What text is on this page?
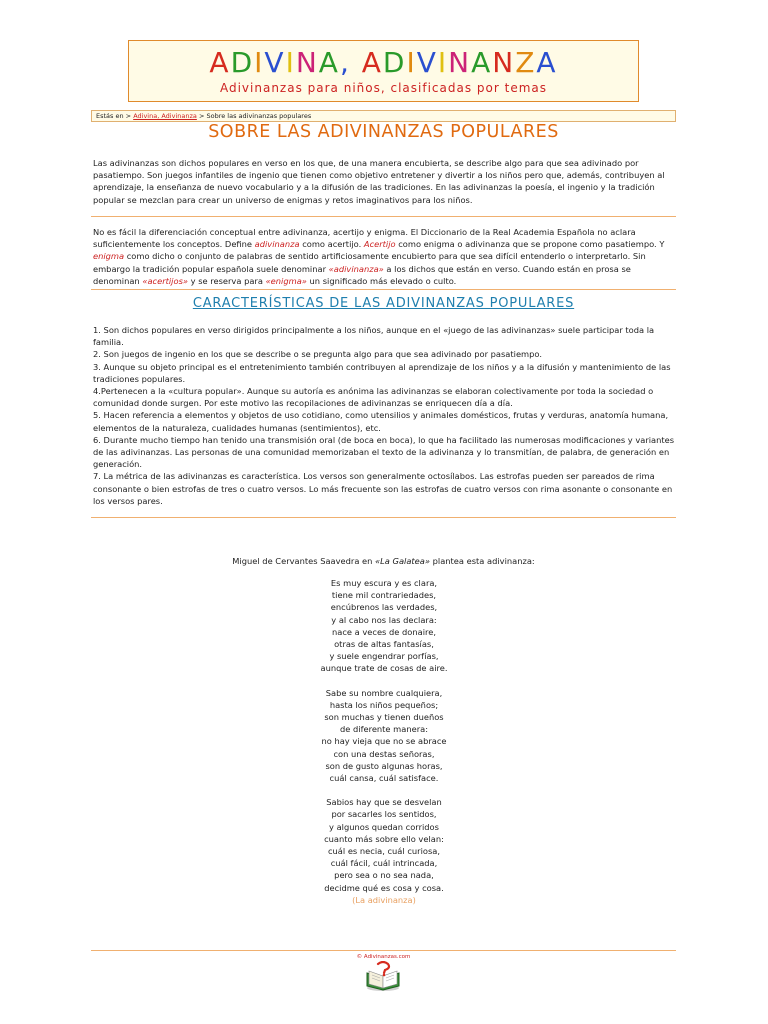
ADIVINA, ADIVINANZA
Adivinanzas para niños, clasificadas por temas
Estás en > Adivina, Adivinanza > Sobre las adivinanzas populares
SOBRE LAS ADIVINANZAS POPULARES
Las adivinanzas son dichos populares en verso en los que, de una manera encubierta, se describe algo para que sea adivinado por pasatiempo. Son juegos infantiles de ingenio que tienen como objetivo entretener y divertir a los niños pero que, además, contribuyen al aprendizaje, la enseñanza de nuevo vocabulario y a la difusión de las tradiciones. En las adivinanzas la poesía, el ingenio y la tradición popular se mezclan para crear un universo de enigmas y retos imaginativos para los niños.
No es fácil la diferenciación conceptual entre adivinanza, acertijo y enigma. El Diccionario de la Real Academia Española no aclara suficientemente los conceptos. Define adivinanza como acertijo. Acertijo como enigma o adivinanza que se propone como pasatiempo. Y enigma como dicho o conjunto de palabras de sentido artificiosamente encubierto para que sea difícil entenderlo o interpretarlo. Sin embargo la tradición popular española suele denominar «adivinanza» a los dichos que están en verso. Cuando están en prosa se denominan «acertijos» y se reserva para «enigma» un significado más elevado o culto.
CARACTERÍSTICAS DE LAS ADIVINANZAS POPULARES
1. Son dichos populares en verso dirigidos principalmente a los niños, aunque en el «juego de las adivinanzas» suele participar toda la familia.
2. Son juegos de ingenio en los que se describe o se pregunta algo para que sea adivinado por pasatiempo.
3. Aunque su objeto principal es el entretenimiento también contribuyen al aprendizaje de los niños y a la difusión y mantenimiento de las tradiciones populares.
4.Pertenecen a la «cultura popular». Aunque su autoría es anónima las adivinanzas se elaboran colectivamente por toda la sociedad o comunidad donde surgen. Por este motivo las recopilaciones de adivinanzas se enriquecen día a día.
5. Hacen referencia a elementos y objetos de uso cotidiano, como utensilios y animales domésticos, frutas y verduras, anatomía humana, elementos de la naturaleza, cualidades humanas (sentimientos), etc.
6. Durante mucho tiempo han tenido una transmisión oral (de boca en boca), lo que ha facilitado las numerosas modificaciones y variantes de las adivinanzas. Las personas de una comunidad memorizaban el texto de la adivinanza y lo transmitían, de palabra, de generación en generación.
7. La métrica de las adivinanzas es característica. Los versos son generalmente octosílabos. Las estrofas pueden ser pareados de rima consonante o bien estrofas de tres o cuatro versos. Lo más frecuente son las estrofas de cuatro versos con rima asonante o consonante en los versos pares.
Miguel de Cervantes Saavedra en «La Galatea» plantea esta adivinanza:
Es muy escura y es clara,
tiene mil contrariedades,
encúbrenos las verdades,
y al cabo nos las declara:
nace a veces de donaire,
otras de altas fantasías,
y suele engendrar porfías,
aunque trate de cosas de aire.
Sabe su nombre cualquiera,
hasta los niños pequeños;
son muchas y tienen dueños
de diferente manera:
no hay vieja que no se abrace
con una destas señoras,
son de gusto algunas horas,
cuál cansa, cuál satisface.
Sabios hay que se desvelan
por sacarles los sentidos,
y algunos quedan corridos
cuanto más sobre ello velan:
cuál es necia, cuál curiosa,
cuál fácil, cuál intrincada,
pero sea o no sea nada,
decidme qué es cosa y cosa.
(La adivinanza)
© Adivinanzas.com
